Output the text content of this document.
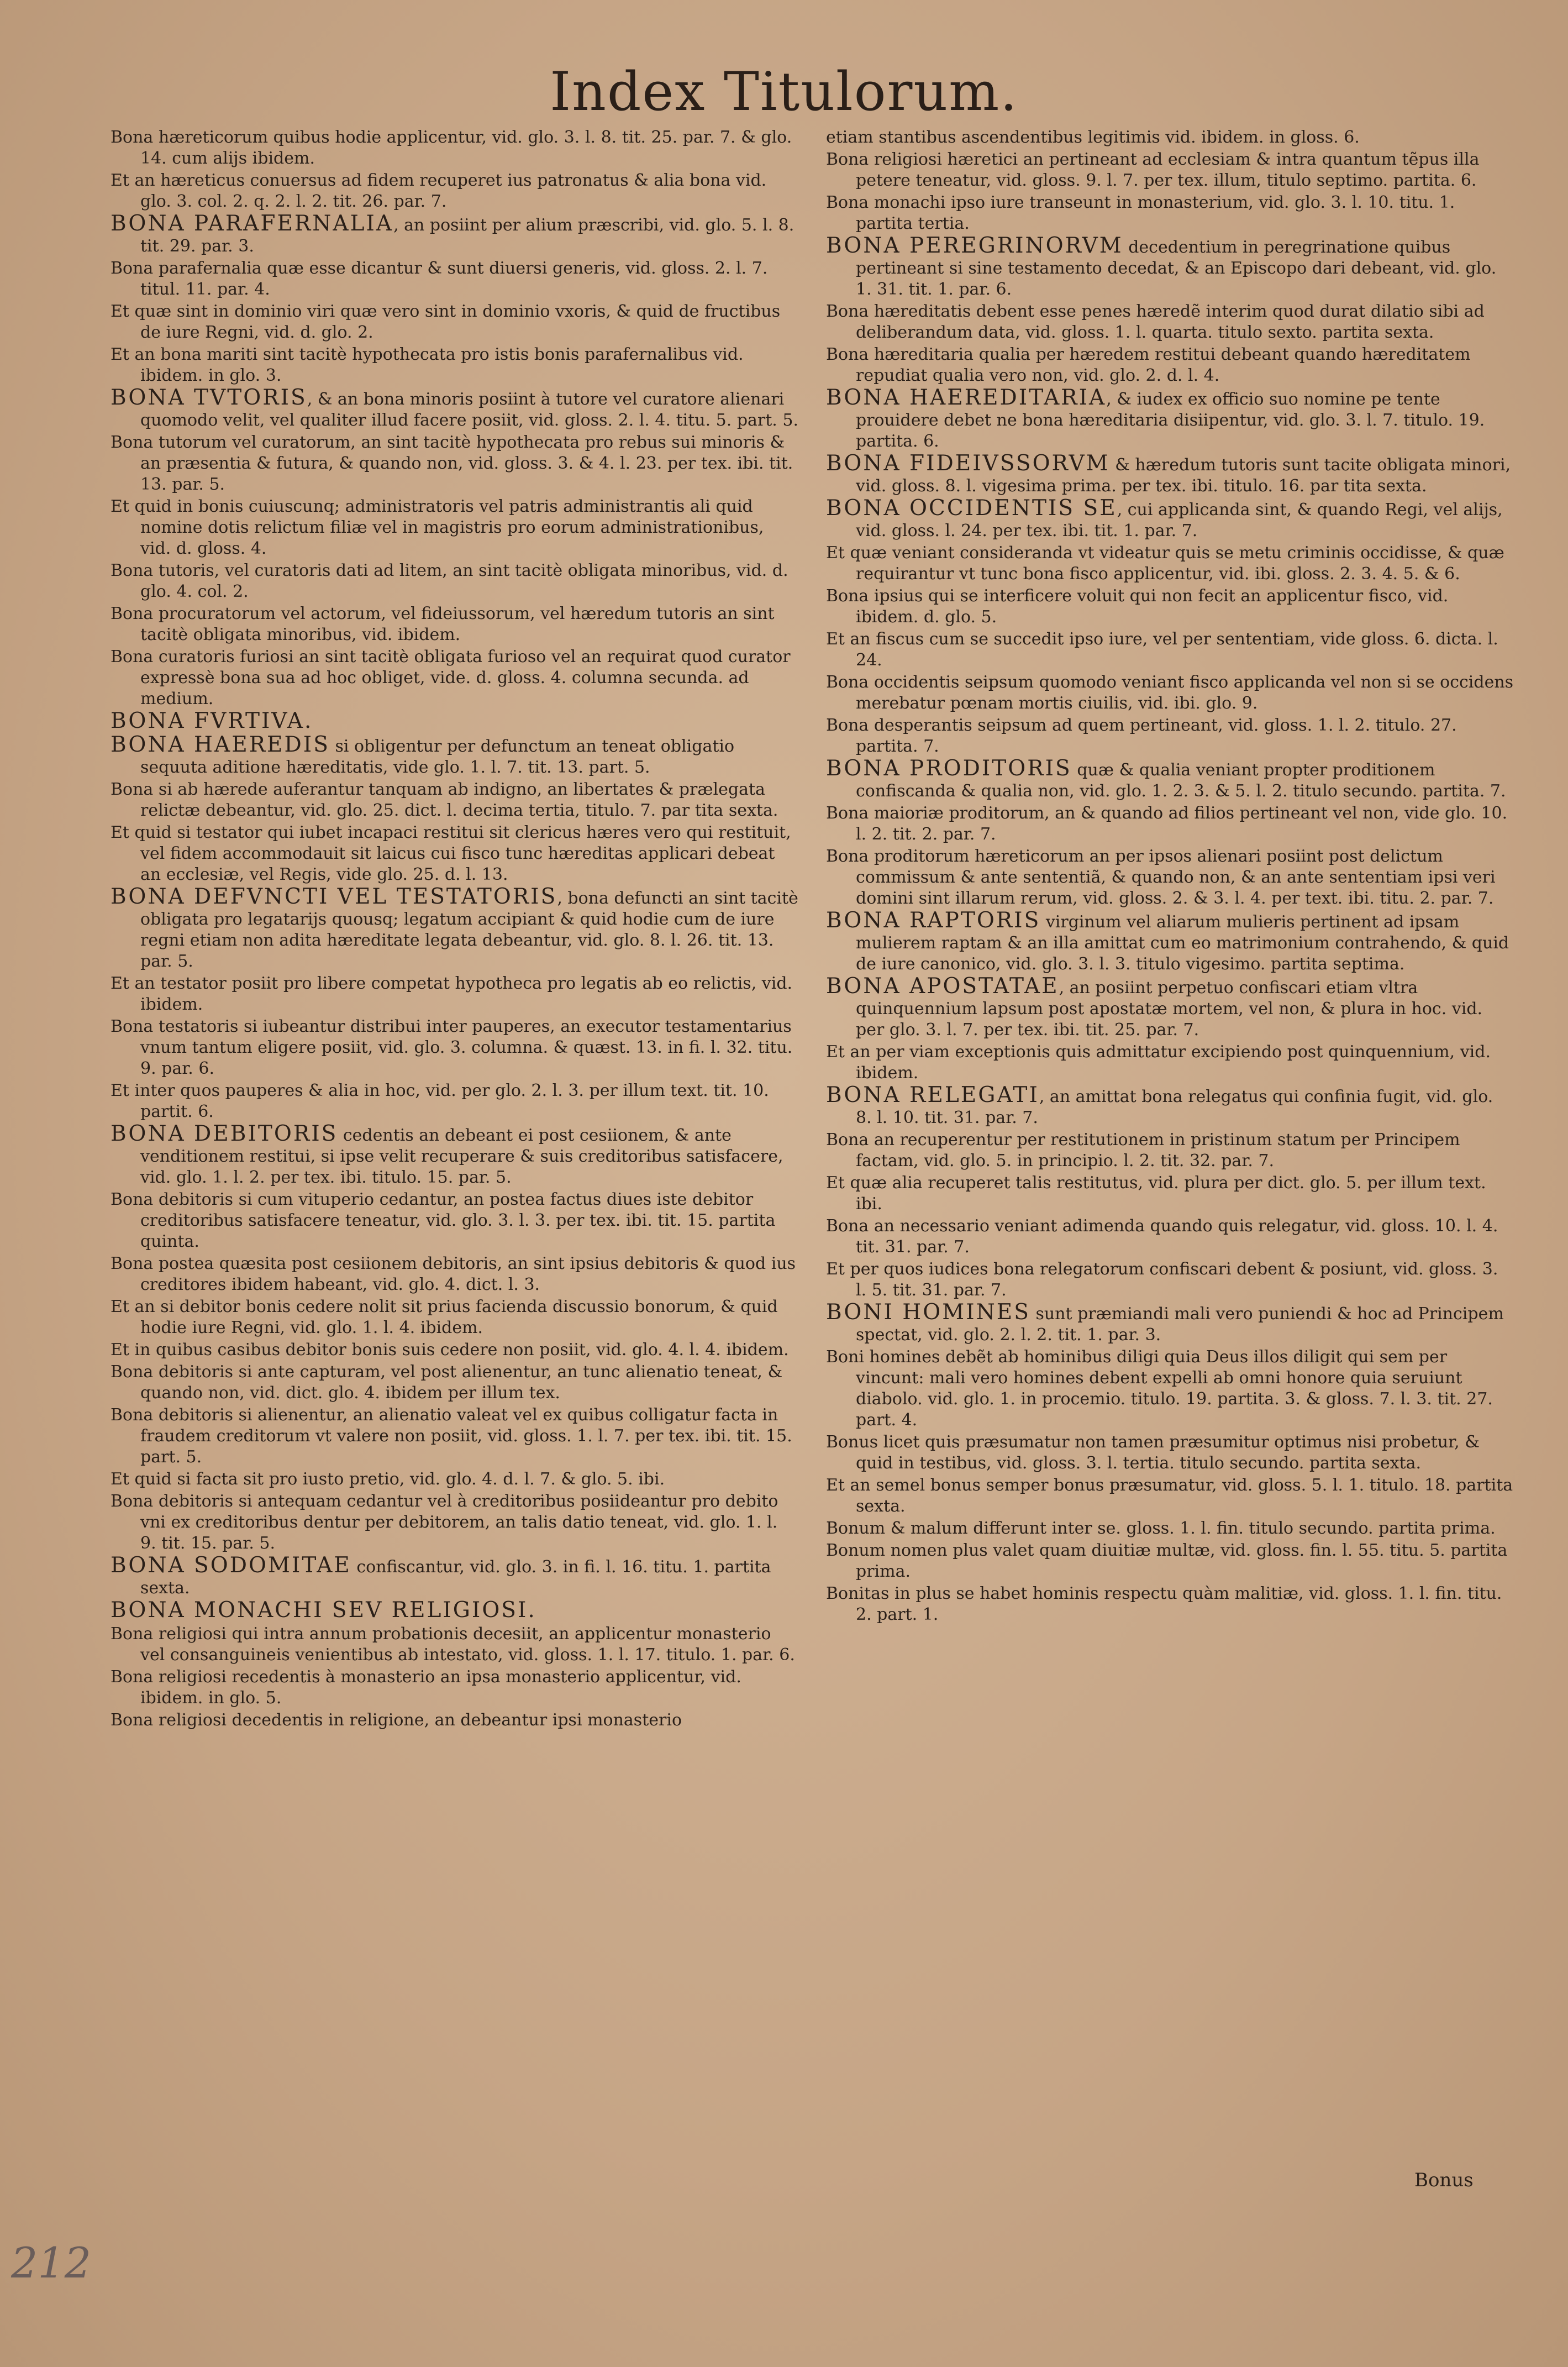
Index Titulorum.

Bona hæreticorum quibus hodie applicentur, vid. glo. 3. l. 8. tit. 25. par. 7. & glo. 14. cum alijs ibidem.

Et an hæreticus conuersus ad fidem recuperet ius patronatus & alia bona vid. glo. 3. col. 2. q. 2. l. 2. tit. 26. par. 7.

BONA PARAFERNALIA, an posiint per alium præscribi, vid. glo. 5. l. 8. tit. 29. par. 3.

Bona parafernalia quæ esse dicantur & sunt diuersi generis, vid. gloss. 2. l. 7. titul. 11. par. 4.

Et quæ sint in dominio viri quæ vero sint in dominio vxoris, & quid de fructibus de iure Regni, vid. d. glo. 2.

Et an bona mariti sint tacitè hypothecata pro istis bonis parafernalibus vid. ibidem. in glo. 3.

BONA TVTORIS, & an bona minoris posiint à tutore vel curatore alienari quomodo velit, vel qualiter illud facere posiit, vid. gloss. 2. l. 4. titu. 5. part. 5.

Bona tutorum vel curatorum, an sint tacitè hypothecata pro rebus sui minoris & an præsentia & futura, & quando non, vid. gloss. 3. & 4. l. 23. per tex. ibi. tit. 13. par. 5.

Et quid in bonis cuiuscunq; administratoris vel patris administrantis ali quid nomine dotis relictum filiæ vel in magistris pro eorum administrationibus, vid. d. gloss. 4.

Bona tutoris, vel curatoris dati ad litem, an sint tacitè obligata minoribus, vid. d. glo. 4. col. 2.

Bona procuratorum vel actorum, vel fideiussorum, vel hæredum tutoris an sint tacitè obligata minoribus, vid. ibidem.

Bona curatoris furiosi an sint tacitè obligata furioso vel an requirat quod curator expressè bona sua ad hoc obliget, vide. d. gloss. 4. columna secunda. ad medium.

BONA FVRTIVA.

BONA HAEREDIS si obligentur per defunctum an teneat obligatio sequuta aditione hæreditatis, vide glo. 1. l. 7. tit. 13. part. 5.

Bona si ab hærede auferantur tanquam ab indigno, an libertates & prælegata relictæ debeantur, vid. glo. 25. dict. l. decima tertia, titulo. 7. par tita sexta.

Et quid si testator qui iubet incapaci restitui sit clericus hæres vero qui restituit, vel fidem accommodauit sit laicus cui fisco tunc hæreditas applicari debeat an ecclesiæ, vel Regis, vide glo. 25. d. l. 13.

BONA DEFVNCTI VEL TESTATORIS, bona defuncti an sint tacitè obligata pro legatarijs quousq; legatum accipiant & quid hodie cum de iure regni etiam non adita hæreditate legata debeantur, vid. glo. 8. l. 26. tit. 13. par. 5.

Et an testator posiit pro libere competat hypotheca pro legatis ab eo relictis, vid. ibidem.

Bona testatoris si iubeantur distribui inter pauperes, an executor testamentarius vnum tantum eligere posiit, vid. glo. 3. columna. & quæst. 13. in fi. l. 32. titu. 9. par. 6.

Et inter quos pauperes & alia in hoc, vid. per glo. 2. l. 3. per illum text. tit. 10. partit. 6.

BONA DEBITORIS cedentis an debeant ei post cesiionem, & ante venditionem restitui, si ipse velit recuperare & suis creditoribus satisfacere, vid. glo. 1. l. 2. per tex. ibi. titulo. 15. par. 5.

Bona debitoris si cum vituperio cedantur, an postea factus diues iste debitor creditoribus satisfacere teneatur, vid. glo. 3. l. 3. per tex. ibi. tit. 15. partita quinta.

Bona postea quæsita post cesiionem debitoris, an sint ipsius debitoris & quod ius creditores ibidem habeant, vid. glo. 4. dict. l. 3.

Et an si debitor bonis cedere nolit sit prius facienda discussio bonorum, & quid hodie iure Regni, vid. glo. 1. l. 4. ibidem.

Et in quibus casibus debitor bonis suis cedere non posiit, vid. glo. 4. l. 4. ibidem.

Bona debitoris si ante capturam, vel post alienentur, an tunc alienatio teneat, & quando non, vid. dict. glo. 4. ibidem per illum tex.

Bona debitoris si alienentur, an alienatio valeat vel ex quibus colligatur facta in fraudem creditorum vt valere non posiit, vid. gloss. 1. l. 7. per tex. ibi. tit. 15. part. 5.

Et quid si facta sit pro iusto pretio, vid. glo. 4. d. l. 7. & glo. 5. ibi.

Bona debitoris si antequam cedantur vel à creditoribus posiideantur pro debito vni ex creditoribus dentur per debitorem, an talis datio teneat, vid. glo. 1. l. 9. tit. 15. par. 5.

BONA SODOMITAE confiscantur, vid. glo. 3. in fi. l. 16. titu. 1. partita sexta.

BONA MONACHI SEV RELIGIOSI.

Bona religiosi qui intra annum probationis decesiit, an applicentur monasterio vel consanguineis venientibus ab intestato, vid. gloss. 1. l. 17. titulo. 1. par. 6.

Bona religiosi recedentis à monasterio an ipsa monasterio applicentur, vid. ibidem. in glo. 5.

Bona religiosi decedentis in religione, an debeantur ipsi monasterio

etiam stantibus ascendentibus legitimis vid. ibidem. in gloss. 6.

Bona religiosi hæretici an pertineant ad ecclesiam & intra quantum tẽpus illa petere teneatur, vid. gloss. 9. l. 7. per tex. illum, titulo septimo. partita. 6.

Bona monachi ipso iure transeunt in monasterium, vid. glo. 3. l. 10. titu. 1. partita tertia.

BONA PEREGRINORVM decedentium in peregrinatione quibus pertineant si sine testamento decedat, & an Episcopo dari debeant, vid. glo. 1. 31. tit. 1. par. 6.

Bona hæreditatis debent esse penes hæredẽ interim quod durat dilatio sibi ad deliberandum data, vid. gloss. 1. l. quarta. titulo sexto. partita sexta.

Bona hæreditaria qualia per hæredem restitui debeant quando hæreditatem repudiat qualia vero non, vid. glo. 2. d. l. 4.

BONA HAEREDITARIA, & iudex ex officio suo nomine pe tente prouidere debet ne bona hæreditaria disiipentur, vid. glo. 3. l. 7. titulo. 19. partita. 6.

BONA FIDEIVSSORVM & hæredum tutoris sunt tacite obligata minori, vid. gloss. 8. l. vigesima prima. per tex. ibi. titulo. 16. par tita sexta.

BONA OCCIDENTIS SE, cui applicanda sint, & quando Regi, vel alijs, vid. gloss. l. 24. per tex. ibi. tit. 1. par. 7.

Et quæ veniant considerandа vt videatur quis se metu criminis occidisse, & quæ requirantur vt tunc bona fisco applicentur, vid. ibi. gloss. 2. 3. 4. 5. & 6.

Bona ipsius qui se interficere voluit qui non fecit an applicentur fisco, vid. ibidem. d. glo. 5.

Et an fiscus cum se succedit ipso iure, vel per sententiam, vide gloss. 6. dicta. l. 24.

Bona occidentis seipsum quomodo veniant fisco applicanda vel non si se occidens merebatur pœnam mortis ciuilis, vid. ibi. glo. 9.

Bona desperantis seipsum ad quem pertineant, vid. gloss. 1. l. 2. titulo. 27. partita. 7.

BONA PRODITORIS quæ & qualia veniant propter proditionem confiscanda & qualia non, vid. glo. 1. 2. 3. & 5. l. 2. titulo secundo. partita. 7.

Bona maioriæ proditorum, an & quando ad filios pertineant vel non, vide glo. 10. l. 2. tit. 2. par. 7.

Bona proditorum hæreticorum an per ipsos alienari posiint post delictum commissum & ante sententiã, & quando non, & an ante sententiam ipsi veri domini sint illarum rerum, vid. gloss. 2. & 3. l. 4. per text. ibi. titu. 2. par. 7.

BONA RAPTORIS virginum vel aliarum mulieris pertinent ad ipsam mulierem raptam & an illa amittat cum eo matrimonium contrahendo, & quid de iure canonico, vid. glo. 3. l. 3. titulo vigesimo. partita septima.

BONA APOSTATAE, an posiint perpetuo confiscari etiam vltra quinquennium lapsum post apostatæ mortem, vel non, & plura in hoc. vid. per glo. 3. l. 7. per tex. ibi. tit. 25. par. 7.

Et an per viam exceptionis quis admittatur excipiendo post quinquennium, vid. ibidem.

BONA RELEGATI, an amittat bona relegatus qui confinia fugit, vid. glo. 8. l. 10. tit. 31. par. 7.

Bona an recuperentur per restitutionem in pristinum statum per Principem factam, vid. glo. 5. in principio. l. 2. tit. 32. par. 7.

Et quæ alia recuperet talis restitutus, vid. plura per dict. glo. 5. per illum text. ibi.

Bona an necessario veniant adimenda quando quis relegatur, vid. gloss. 10. l. 4. tit. 31. par. 7.

Et per quos iudices bona relegatorum confiscari debent & posiunt, vid. gloss. 3. l. 5. tit. 31. par. 7.

BONI HOMINES sunt præmiandi mali vero puniendi & hoc ad Principem spectat, vid. glo. 2. l. 2. tit. 1. par. 3.

Boni homines debẽt ab hominibus diligi quia Deus illos diligit qui sem per vincunt: mali vero homines debent expelli ab omni honore quia seruiunt diabolo. vid. glo. 1. in procemio. titulo. 19. partita. 3. & gloss. 7. l. 3. tit. 27. part. 4.

Bonus licet quis præsumatur non tamen præsumitur optimus nisi probetur, & quid in testibus, vid. gloss. 3. l. tertia. titulo secundo. partita sexta.

Et an semel bonus semper bonus præsumatur, vid. gloss. 5. l. 1. titulo. 18. partita sexta.

Bonum & malum differunt inter se. gloss. 1. l. fin. titulo secundo. partita prima.

Bonum nomen plus valet quam diuitiæ multæ, vid. gloss. fin. l. 55. titu. 5. partita prima.

Bonitas in plus se habet hominis respectu quàm malitiæ, vid. gloss. 1. l. fin. titu. 2. part. 1.

Bonus
212
